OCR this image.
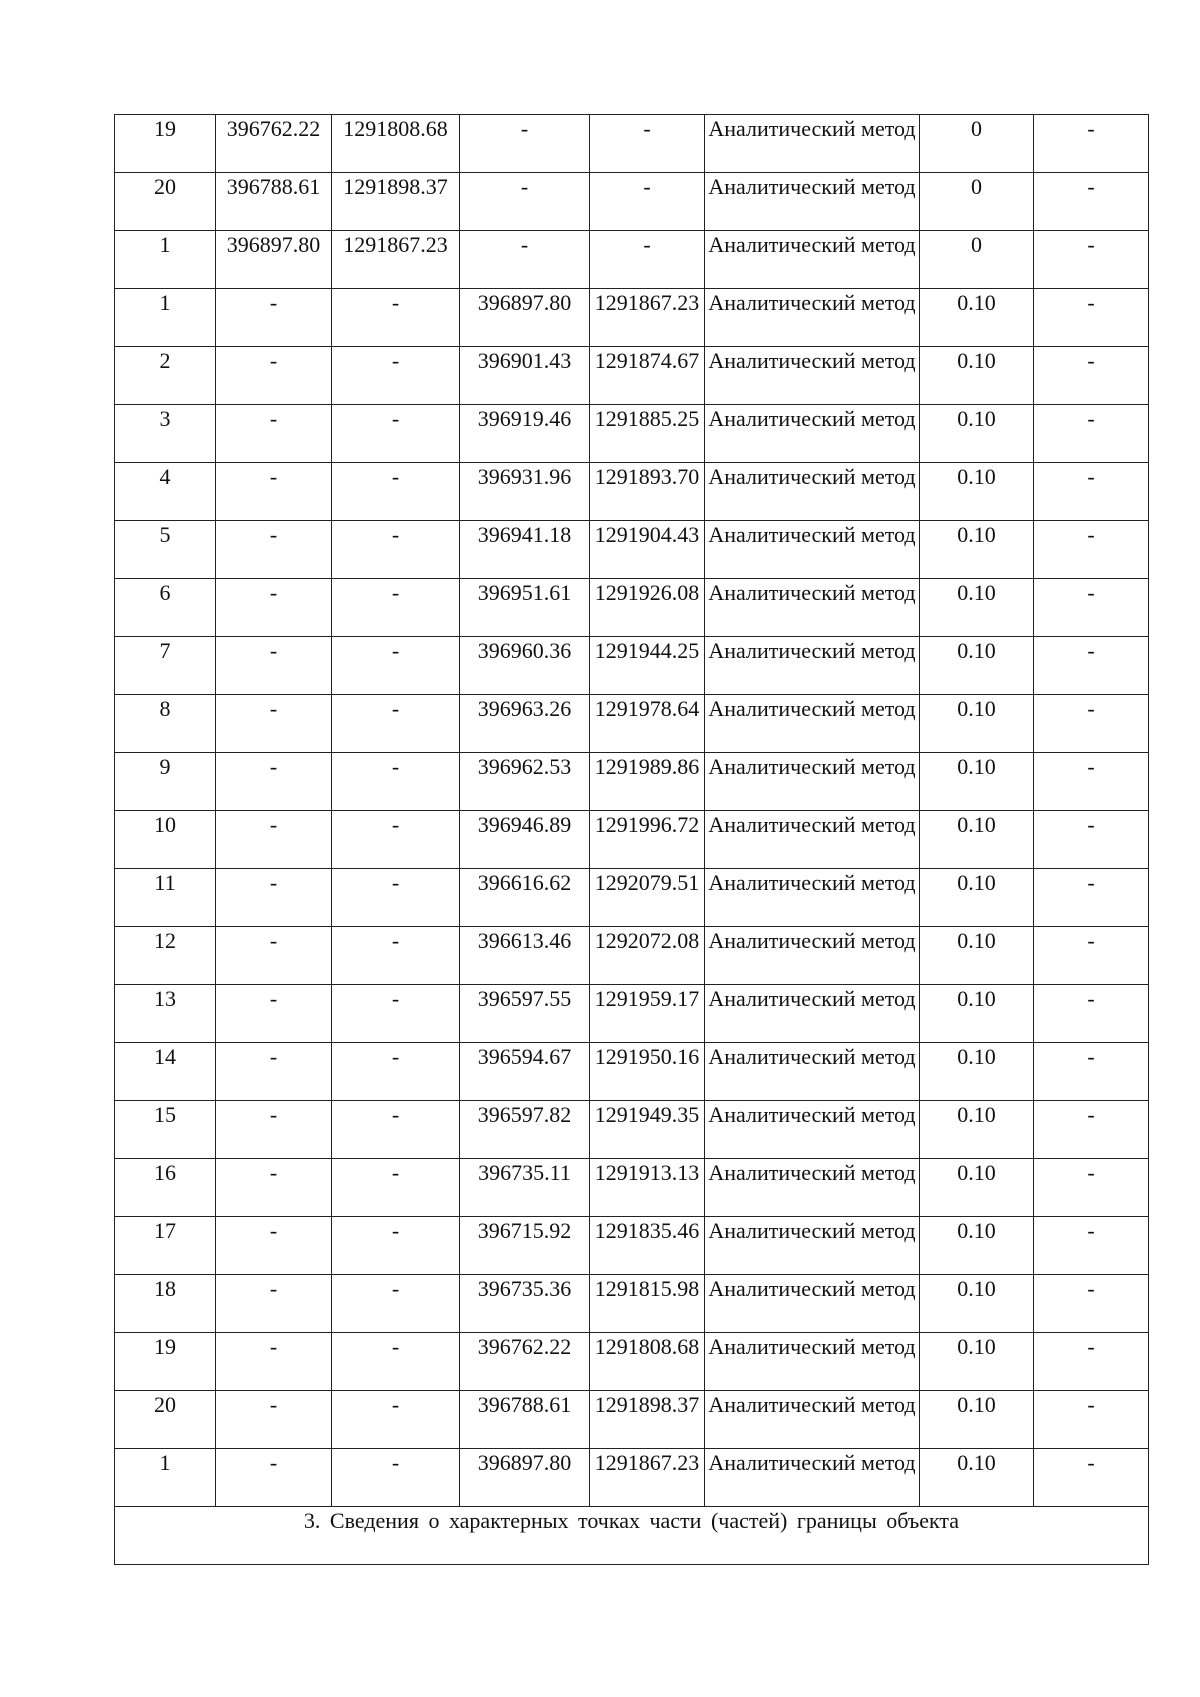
19	396762.22	1291808.68	-	-	Аналитический метод	0	-
20	396788.61	1291898.37	-	-	Аналитический метод	0	-
1	396897.80	1291867.23	-	-	Аналитический метод	0	-
1	-	-	396897.80	1291867.23	Аналитический метод	0.10	-
2	-	-	396901.43	1291874.67	Аналитический метод	0.10	-
3	-	-	396919.46	1291885.25	Аналитический метод	0.10	-
4	-	-	396931.96	1291893.70	Аналитический метод	0.10	-
5	-	-	396941.18	1291904.43	Аналитический метод	0.10	-
6	-	-	396951.61	1291926.08	Аналитический метод	0.10	-
7	-	-	396960.36	1291944.25	Аналитический метод	0.10	-
8	-	-	396963.26	1291978.64	Аналитический метод	0.10	-
9	-	-	396962.53	1291989.86	Аналитический метод	0.10	-
10	-	-	396946.89	1291996.72	Аналитический метод	0.10	-
11	-	-	396616.62	1292079.51	Аналитический метод	0.10	-
12	-	-	396613.46	1292072.08	Аналитический метод	0.10	-
13	-	-	396597.55	1291959.17	Аналитический метод	0.10	-
14	-	-	396594.67	1291950.16	Аналитический метод	0.10	-
15	-	-	396597.82	1291949.35	Аналитический метод	0.10	-
16	-	-	396735.11	1291913.13	Аналитический метод	0.10	-
17	-	-	396715.92	1291835.46	Аналитический метод	0.10	-
18	-	-	396735.36	1291815.98	Аналитический метод	0.10	-
19	-	-	396762.22	1291808.68	Аналитический метод	0.10	-
20	-	-	396788.61	1291898.37	Аналитический метод	0.10	-
1	-	-	396897.80	1291867.23	Аналитический метод	0.10	-
3. Сведения о характерных точках части (частей) границы объекта							
